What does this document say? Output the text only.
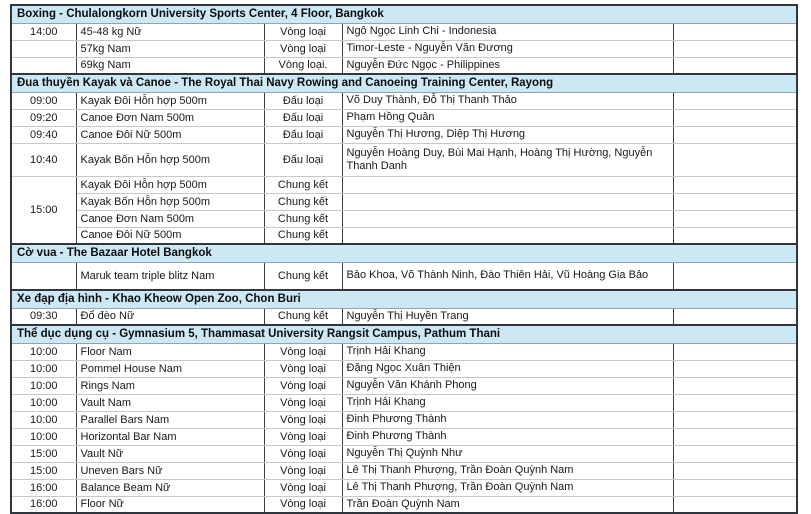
Boxing - Chulalongkorn University Sports Center, 4 Floor, Bangkok				
14:00	45-48 kg Nữ	Vòng loại	Ngô Ngọc Linh Chi - Indonesia	
	57kg Nam	Vòng loại	Timor-Leste - Nguyễn Văn Đương	
	69kg Nam	Vòng loại.	Nguyễn Đức Ngọc - Philippines	
Đua thuyền Kayak và Canoe - The Royal Thai Navy Rowing and Canoeing Training Center, Rayong				
09:00	Kayak Đôi Hỗn hợp 500m	Đấu loại	Võ Duy Thành, Đỗ Thị Thanh Thảo	
09:20	Canoe Đơn Nam 500m	Đấu loại	Phạm Hồng Quân	
09:40	Canoe Đôi Nữ 500m	Đấu loại	Nguyễn Thị Hương, Diệp Thị Hương	
10:40	Kayak Bốn Hỗn hợp 500m	Đấu loại	Nguyễn Hoàng Duy, Bùi Mai Hạnh, Hoàng Thị Hường, Nguyễn Thanh Danh	
15:00	Kayak Đôi Hỗn hợp 500m	Chung kết		
	Kayak Bốn Hỗn hợp 500m	Chung kết		
	Canoe Đơn Nam 500m	Chung kết		
	Canoe Đôi Nữ 500m	Chung kết		
Cờ vua - The Bazaar Hotel Bangkok				
	Maruk team triple blitz Nam	Chung kết	Bảo Khoa, Võ Thành Ninh, Đào Thiên Hải, Vũ Hoàng Gia Bảo	
Xe đạp địa hình - Khao Kheow Open Zoo, Chon Buri				
09:30	Đổ đèo Nữ	Chung kết	Nguyễn Thị Huyền Trang	
Thể dục dụng cụ - Gymnasium 5, Thammasat University Rangsit Campus, Pathum Thani				
10:00	Floor Nam	Vòng loại	Trịnh Hải Khang	
10:00	Pommel House Nam	Vòng loại	Đặng Ngọc Xuân Thiện	
10:00	Rings Nam	Vòng loại	Nguyễn Văn Khánh Phong	
10:00	Vault Nam	Vòng loại	Trịnh Hải Khang	
10:00	Parallel Bars Nam	Vòng loại	Đinh Phương Thành	
10:00	Horizontal Bar Nam	Vòng loại	Đinh Phương Thành	
15:00	Vault Nữ	Vòng loại	Nguyễn Thị Quỳnh Như	
15:00	Uneven Bars Nữ	Vòng loại	Lê Thị Thanh Phượng, Trần Đoàn Quỳnh Nam	
16:00	Balance Beam Nữ	Vòng loại	Lê Thị Thanh Phượng, Trần Đoàn Quỳnh Nam	
16:00	Floor Nữ	Vòng loại	Trần Đoàn Quỳnh Nam	
